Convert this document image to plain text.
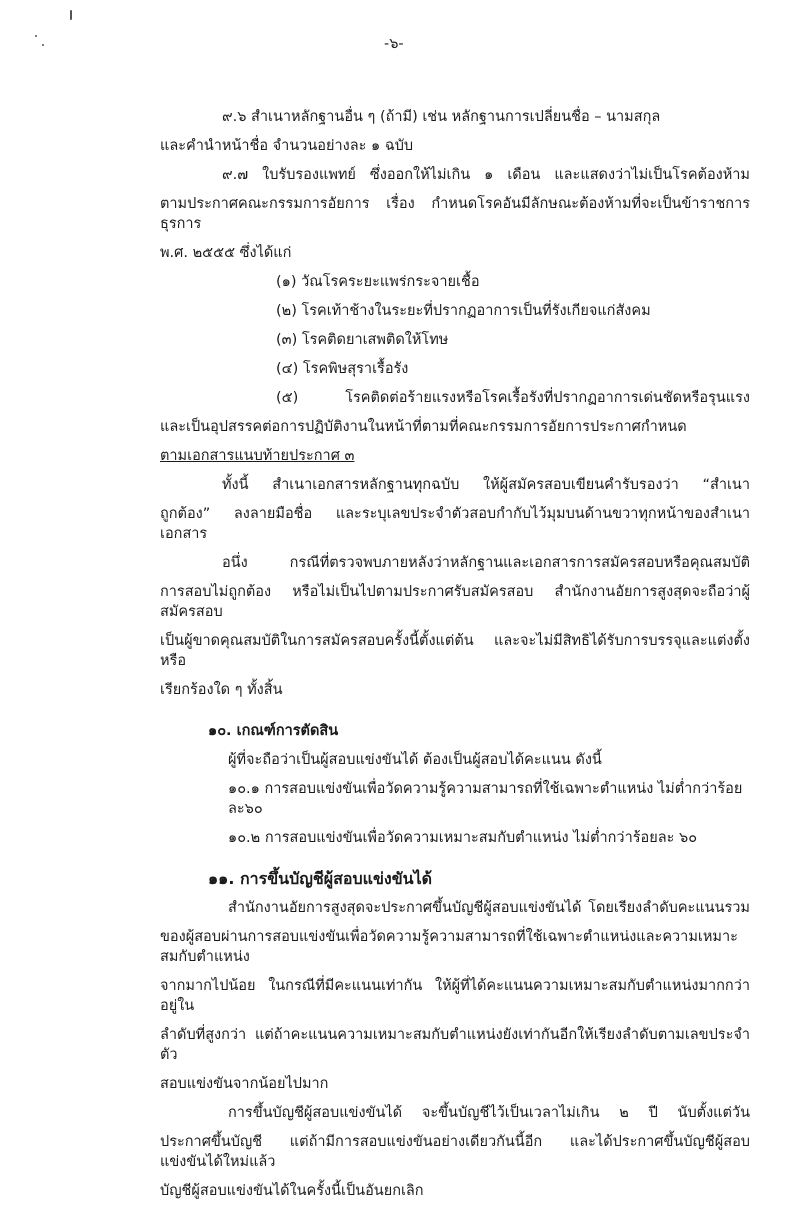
-๖-
๙.๖ สำเนาหลักฐานอื่น ๆ (ถ้ามี) เช่น หลักฐานการเปลี่ยนชื่อ – นามสกุล
และคำนำหน้าชื่อ จำนวนอย่างละ ๑ ฉบับ
๙.๗ ใบรับรองแพทย์ ซึ่งออกให้ไม่เกิน ๑ เดือน และแสดงว่าไม่เป็นโรคต้องห้าม
ตามประกาศคณะกรรมการอัยการ เรื่อง กำหนดโรคอันมีลักษณะต้องห้ามที่จะเป็นข้าราชการธุรการ
พ.ศ. ๒๕๕๕ ซึ่งได้แก่
(๑) วัณโรคระยะแพร่กระจายเชื้อ
(๒) โรคเท้าช้างในระยะที่ปรากฏอาการเป็นที่รังเกียจแก่สังคม
(๓) โรคติดยาเสพติดให้โทษ
(๔) โรคพิษสุราเรื้อรัง
(๕) โรคติดต่อร้ายแรงหรือโรคเรื้อรังที่ปรากฏอาการเด่นชัดหรือรุนแรง
และเป็นอุปสรรคต่อการปฏิบัติงานในหน้าที่ตามที่คณะกรรมการอัยการประกาศกำหนด
ตามเอกสารแนบท้ายประกาศ ๓
ทั้งนี้ สำเนาเอกสารหลักฐานทุกฉบับ ให้ผู้สมัครสอบเขียนคำรับรองว่า “สำเนา
ถูกต้อง” ลงลายมือชื่อ และระบุเลขประจำตัวสอบกำกับไว้มุมบนด้านขวาทุกหน้าของสำเนาเอกสาร
อนึ่ง กรณีที่ตรวจพบภายหลังว่าหลักฐานและเอกสารการสมัครสอบหรือคุณสมบัติ
การสอบไม่ถูกต้อง หรือไม่เป็นไปตามประกาศรับสมัครสอบ สำนักงานอัยการสูงสุดจะถือว่าผู้สมัครสอบ
เป็นผู้ขาดคุณสมบัติในการสมัครสอบครั้งนี้ตั้งแต่ต้น และจะไม่มีสิทธิได้รับการบรรจุและแต่งตั้ง หรือ
เรียกร้องใด ๆ ทั้งสิ้น
๑๐. เกณฑ์การตัดสิน
ผู้ที่จะถือว่าเป็นผู้สอบแข่งขันได้ ต้องเป็นผู้สอบได้คะแนน ดังนี้
๑๐.๑ การสอบแข่งขันเพื่อวัดความรู้ความสามารถที่ใช้เฉพาะตำแหน่ง ไม่ต่ำกว่าร้อยละ๖๐
๑๐.๒ การสอบแข่งขันเพื่อวัดความเหมาะสมกับตำแหน่ง ไม่ต่ำกว่าร้อยละ ๖๐
๑๑. การขึ้นบัญชีผู้สอบแข่งขันได้
สำนักงานอัยการสูงสุดจะประกาศขึ้นบัญชีผู้สอบแข่งขันได้ โดยเรียงลำดับคะแนนรวม
ของผู้สอบผ่านการสอบแข่งขันเพื่อวัดความรู้ความสามารถที่ใช้เฉพาะตำแหน่งและความเหมาะสมกับตำแหน่ง
จากมากไปน้อย ในกรณีที่มีคะแนนเท่ากัน ให้ผู้ที่ได้คะแนนความเหมาะสมกับตำแหน่งมากกว่าอยู่ใน
ลำดับที่สูงกว่า แต่ถ้าคะแนนความเหมาะสมกับตำแหน่งยังเท่ากันอีกให้เรียงลำดับตามเลขประจำตัว
สอบแข่งขันจากน้อยไปมาก
การขึ้นบัญชีผู้สอบแข่งขันได้ จะขึ้นบัญชีไว้เป็นเวลาไม่เกิน ๒ ปี นับตั้งแต่วัน
ประกาศขึ้นบัญชี แต่ถ้ามีการสอบแข่งขันอย่างเดียวกันนี้อีก และได้ประกาศขึ้นบัญชีผู้สอบแข่งขันได้ใหม่แล้ว
บัญชีผู้สอบแข่งขันได้ในครั้งนี้เป็นอันยกเลิก
